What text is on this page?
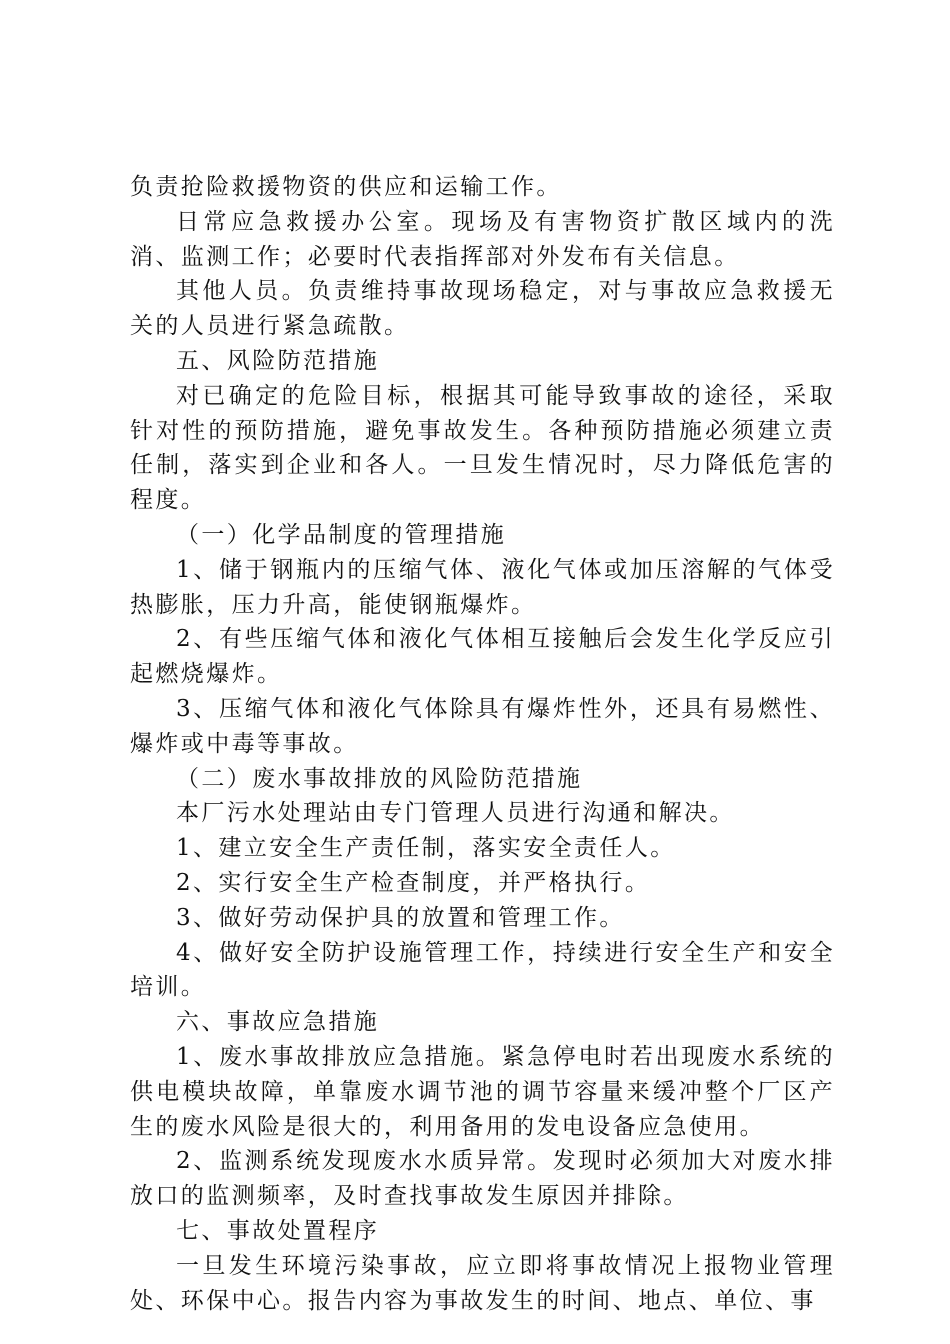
负责抢险救援物资的供应和运输工作。

日常应急救援办公室。现场及有害物资扩散区域内的洗消、监测工作；必要时代表指挥部对外发布有关信息。

其他人员。负责维持事故现场稳定，对与事故应急救援无关的人员进行紧急疏散。

五、风险防范措施

对已确定的危险目标，根据其可能导致事故的途径，采取针对性的预防措施，避免事故发生。各种预防措施必须建立责任制，落实到企业和各人。一旦发生情况时，尽力降低危害的程度。

（一）化学品制度的管理措施

1、储于钢瓶内的压缩气体、液化气体或加压溶解的气体受热膨胀，压力升高，能使钢瓶爆炸。

2、有些压缩气体和液化气体相互接触后会发生化学反应引起燃烧爆炸。

3、压缩气体和液化气体除具有爆炸性外，还具有易燃性、爆炸或中毒等事故。

（二）废水事故排放的风险防范措施

本厂污水处理站由专门管理人员进行沟通和解决。

1、建立安全生产责任制，落实安全责任人。

2、实行安全生产检查制度，并严格执行。

3、做好劳动保护具的放置和管理工作。

4、做好安全防护设施管理工作，持续进行安全生产和安全培训。

六、事故应急措施

1、废水事故排放应急措施。紧急停电时若出现废水系统的供电模块故障，单靠废水调节池的调节容量来缓冲整个厂区产生的废水风险是很大的，利用备用的发电设备应急使用。

2、监测系统发现废水水质异常。发现时必须加大对废水排放口的监测频率，及时查找事故发生原因并排除。

七、事故处置程序

一旦发生环境污染事故，应立即将事故情况上报物业管理处、环保中心。报告内容为事故发生的时间、地点、单位、事
